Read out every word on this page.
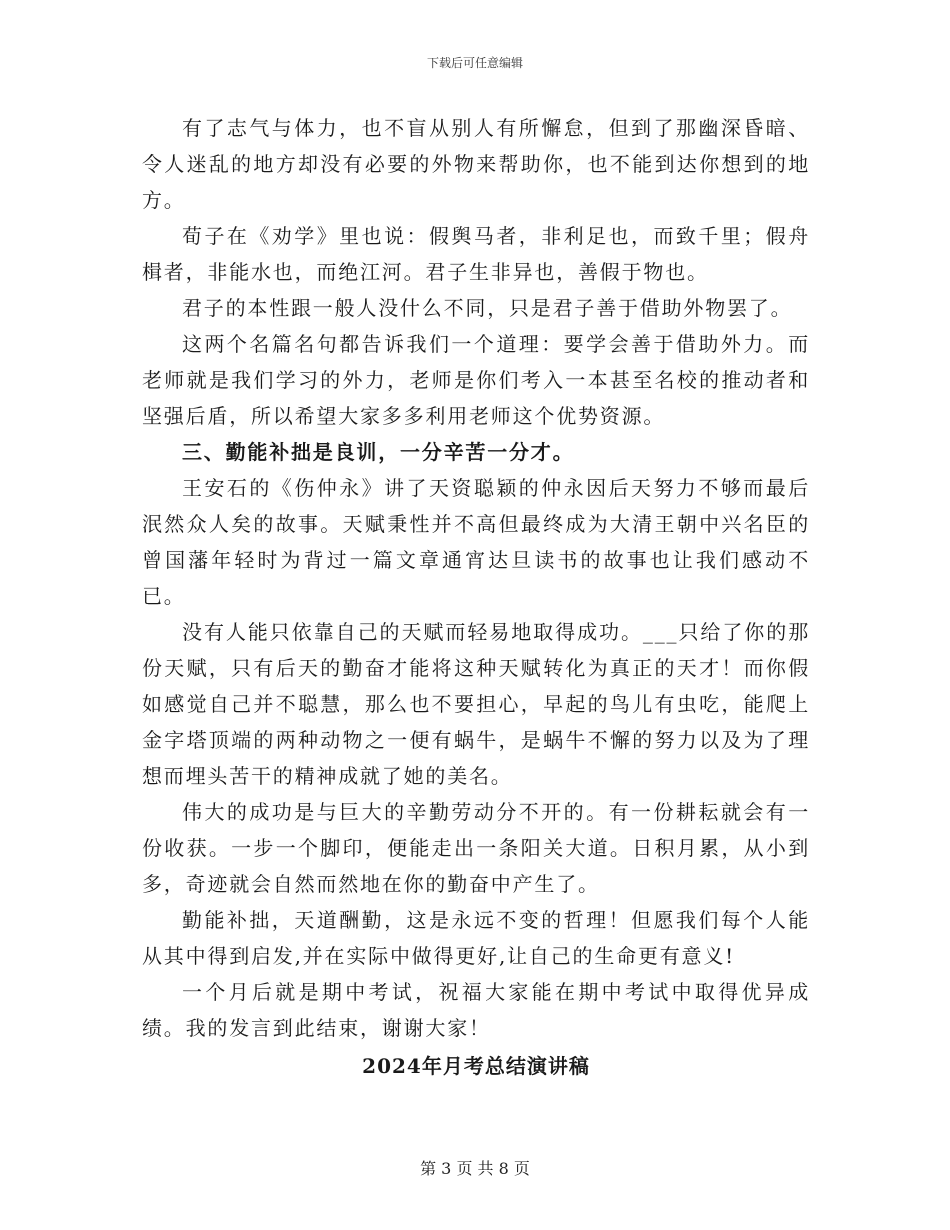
下载后可任意编辑

有了志气与体力，也不盲从别人有所懈怠，但到了那幽深昏暗、令人迷乱的地方却没有必要的外物来帮助你，也不能到达你想到的地方。

荀子在《劝学》里也说：假舆马者，非利足也，而致千里；假舟楫者，非能水也，而绝江河。君子生非异也，善假于物也。

君子的本性跟一般人没什么不同，只是君子善于借助外物罢了。

这两个名篇名句都告诉我们一个道理：要学会善于借助外力。而老师就是我们学习的外力，老师是你们考入一本甚至名校的推动者和坚强后盾，所以希望大家多多利用老师这个优势资源。

三、勤能补拙是良训，一分辛苦一分才。

王安石的《伤仲永》讲了天资聪颖的仲永因后天努力不够而最后泯然众人矣的故事。天赋秉性并不高但最终成为大清王朝中兴名臣的曾国藩年轻时为背过一篇文章通宵达旦读书的故事也让我们感动不已。

没有人能只依靠自己的天赋而轻易地取得成功。___只给了你的那份天赋，只有后天的勤奋才能将这种天赋转化为真正的天才！而你假如感觉自己并不聪慧，那么也不要担心，早起的鸟儿有虫吃，能爬上金字塔顶端的两种动物之一便有蜗牛，是蜗牛不懈的努力以及为了理想而埋头苦干的精神成就了她的美名。

伟大的成功是与巨大的辛勤劳动分不开的。有一份耕耘就会有一份收获。一步一个脚印，便能走出一条阳关大道。日积月累，从小到多，奇迹就会自然而然地在你的勤奋中产生了。

勤能补拙，天道酬勤，这是永远不变的哲理！但愿我们每个人能从其中得到启发,并在实际中做得更好,让自己的生命更有意义!

一个月后就是期中考试，祝福大家能在期中考试中取得优异成绩。我的发言到此结束，谢谢大家！

2024年月考总结演讲稿
第 3 页 共 8 页
